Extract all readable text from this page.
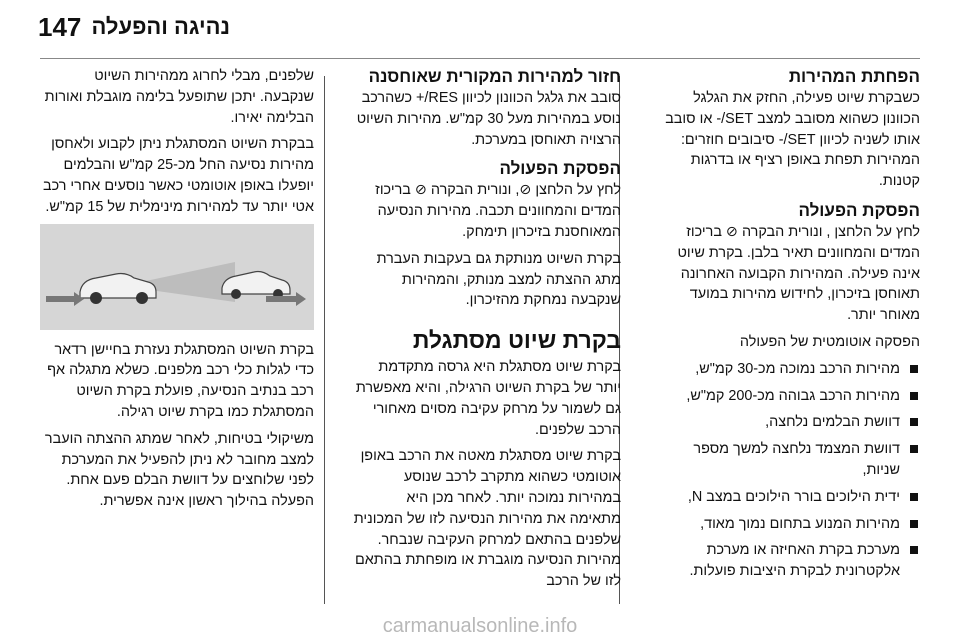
147 נהיגה והפעלה
הפחתת המהירות

כשבקרת שיוט פעילה, החזק את הגלגל הכוונון כשהוא מסובב למצב SET/- או סובב אותו לשניה לכיוון SET/- סיבובים חוזרים: המהירות תפחת באופן רציף או בדרגות קטנות.

הפסקת הפעולה

לחץ על הלחצן , ונורית הבקרה ⊘ בריכוז המדים והמחוונים תאיר בלבן. בקרת שיוט אינה פעילה. המהירות הקבועה האחרונה תאוחסן בזיכרון, לחידוש מהירות במועד מאוחר יותר.

הפסקה אוטומטית של הפעולה

מהירות הרכב נמוכה מכ-30 קמ"ש,
מהירות הרכב גבוהה מכ-200 קמ"ש,
דוושת הבלמים נלחצה,
דוושת המצמד נלחצה למשך מספר שניות,
ידית הילוכים בורר הילוכים במצב N,
מהירות המנוע בתחום נמוך מאוד,
מערכת בקרת האחיזה או מערכת אלקטרונית לבקרת היציבות פועלות.
חזור למהירות המקורית שאוחסנה

סובב את גלגל הכוונון לכיוון RES/+ כשהרכב נוסע במהירות מעל 30 קמ"ש. מהירות השיוט הרצויה תאוחסן במערכת.

הפסקת הפעולה

לחץ על הלחצן ⊘, ונורית הבקרה ⊘ בריכוז המדים והמחוונים תכבה. מהירות הנסיעה המאוחסנת בזיכרון תימחק.

בקרת השיוט מנותקת גם בעקבות העברת מתג ההצתה למצב מנותק, והמהירות שנקבעה נמחקת מהזיכרון.

בקרת שיוט מסתגלת

בקרת שיוט מסתגלת היא גרסה מתקדמת יותר של בקרת השיוט הרגילה, והיא מאפשרת גם לשמור על מרחק עקיבה מסוים מאחורי הרכב שלפנים.

בקרת שיוט מסתגלת מאטה את הרכב באופן אוטומטי כשהוא מתקרב לרכב שנוסע במהירות נמוכה יותר. לאחר מכן היא מתאימה את מהירות הנסיעה לזו של המכונית שלפנים בהתאם למרחק העקיבה שנבחר. מהירות הנסיעה מוגברת או מופחתת בהתאם לזו של הרכב

שלפנים, מבלי לחרוג ממהירות השיוט שנקבעה. יתכן שתופעל בלימה מוגבלת ואורות הבלימה יאירו.

בבקרת השיוט המסתגלת ניתן לקבוע ולאחסן מהירות נסיעה החל מכ-25 קמ"ש והבלמים יופעלו באופן אוטומטי כאשר נוסעים אחרי רכב אטי יותר עד למהירות מינימלית של 15 קמ"ש.

בקרת השיוט המסתגלת נעזרת בחיישן רדאר כדי לגלות כלי רכב מלפנים. כשלא מתגלה אף רכב בנתיב הנסיעה, פועלת בקרת השיוט המסתגלת כמו בקרת שיוט רגילה.

משיקולי בטיחות, לאחר שמתג ההצתה הועבר למצב מחובר לא ניתן להפעיל את המערכת לפני שלוחצים על דוושת הבלם פעם אחת. הפעלה בהילוך ראשון אינה אפשרית.

carmanualsonline.info
